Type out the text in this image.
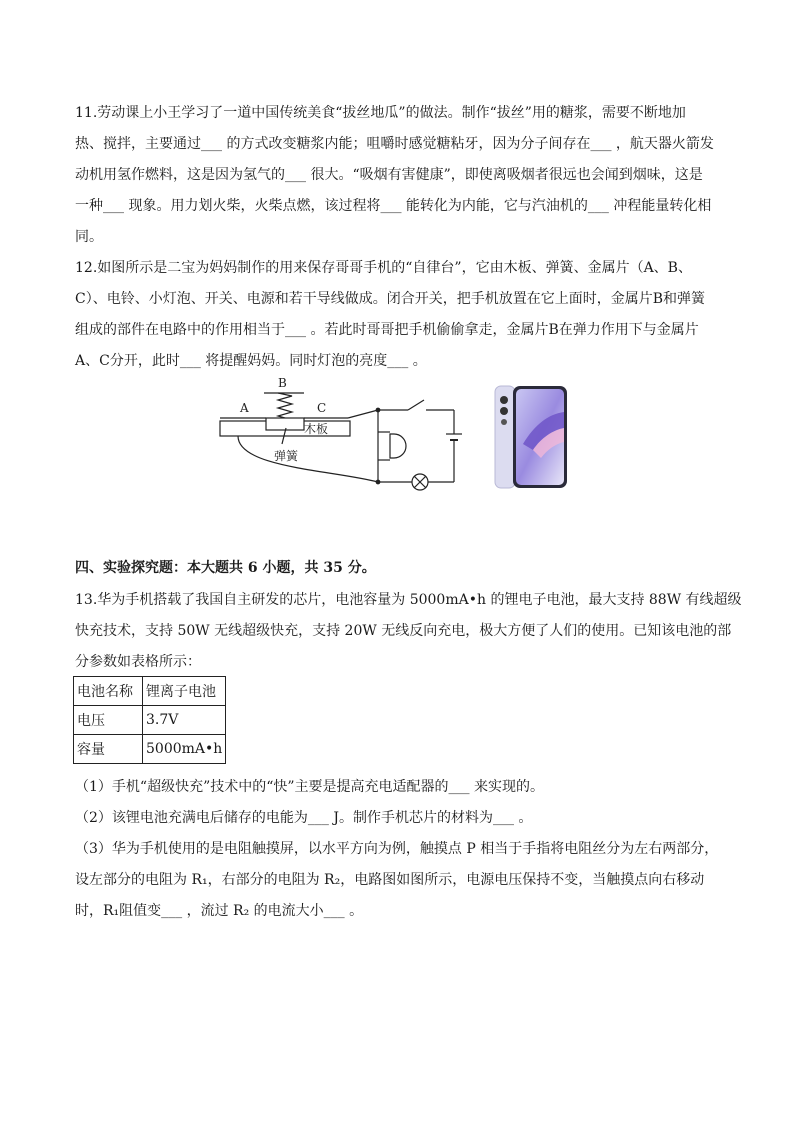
11.劳动课上小王学习了一道中国传统美食“拔丝地瓜”的做法。制作“拔丝”用的糖浆，需要不断地加
热、搅拌，主要通过___ 的方式改变糖浆内能；咀嚼时感觉糖粘牙，因为分子间存在___ ，航天器火箭发
动机用氢作燃料，这是因为氢气的___ 很大。“吸烟有害健康”，即使离吸烟者很远也会闻到烟味，这是
一种___ 现象。用力划火柴，火柴点燃，该过程将___ 能转化为内能，它与汽油机的___ 冲程能量转化相
同。
12.如图所示是二宝为妈妈制作的用来保存哥哥手机的“自律台”，它由木板、弹簧、金属片（A、B、
C）、电铃、小灯泡、开关、电源和若干导线做成。闭合开关，把手机放置在它上面时，金属片B和弹簧
组成的部件在电路中的作用相当于___ 。若此时哥哥把手机偷偷拿走，金属片B在弹力作用下与金属片
A、C分开，此时___ 将提醒妈妈。同时灯泡的亮度___ 。
B
A	C
木板
弹簧
四、实验探究题：本大题共 6 小题，共 35 分。
13.华为手机搭载了我国自主研发的芯片，电池容量为 5000mA•h 的锂电子电池，最大支持 88W 有线超级
快充技术，支持 50W 无线超级快充，支持 20W 无线反向充电，极大方便了人们的使用。已知该电池的部
分参数如表格所示：
电池名称	锂离子电池
电压	3.7V
容量	5000mA•h
（1）手机“超级快充”技术中的“快”主要是提高充电适配器的___ 来实现的。
（2）该锂电池充满电后储存的电能为___ J。制作手机芯片的材料为___ 。
（3）华为手机使用的是电阻触摸屏，以水平方向为例，触摸点 P 相当于手指将电阻丝分为左右两部分，
设左部分的电阻为 R₁，右部分的电阻为 R₂，电路图如图所示，电源电压保持不变，当触摸点向右移动
时，R₁阻值变___ ，流过 R₂ 的电流大小___ 。
